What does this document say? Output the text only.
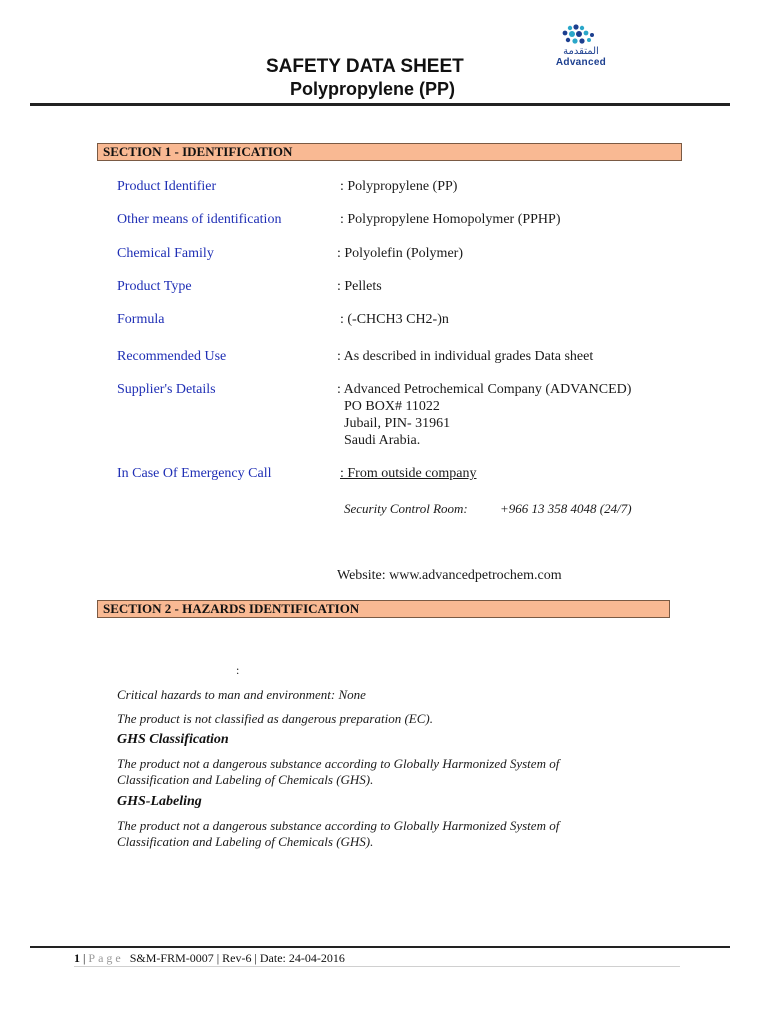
المتقدمة
Advanced
SAFETY DATA SHEET
Polypropylene (PP)
SECTION 1 - IDENTIFICATION
Product Identifier	: Polypropylene (PP)
Other means of identification	: Polypropylene Homopolymer (PPHP)
Chemical Family	: Polyolefin (Polymer)
Product Type	: Pellets
Formula	: (-CHCH3 CH2-)n
Recommended Use	: As described in individual grades Data sheet
Supplier's Details	: Advanced Petrochemical Company (ADVANCED)
PO BOX# 11022
Jubail, PIN- 31961
Saudi Arabia.
In Case Of Emergency Call	: From outside company
Security Control Room: +966 13 358 4048 (24/7)
Website: www.advancedpetrochem.com
SECTION 2 - HAZARDS IDENTIFICATION
:
Critical hazards to man and environment: None
The product is not classified as dangerous preparation (EC).
GHS Classification
The product not a dangerous substance according to Globally Harmonized System of
Classification and Labeling of Chemicals (GHS).
GHS-Labeling
The product not a dangerous substance according to Globally Harmonized System of
Classification and Labeling of Chemicals (GHS).
1 | Page S&M-FRM-0007 | Rev-6 | Date: 24-04-2016
